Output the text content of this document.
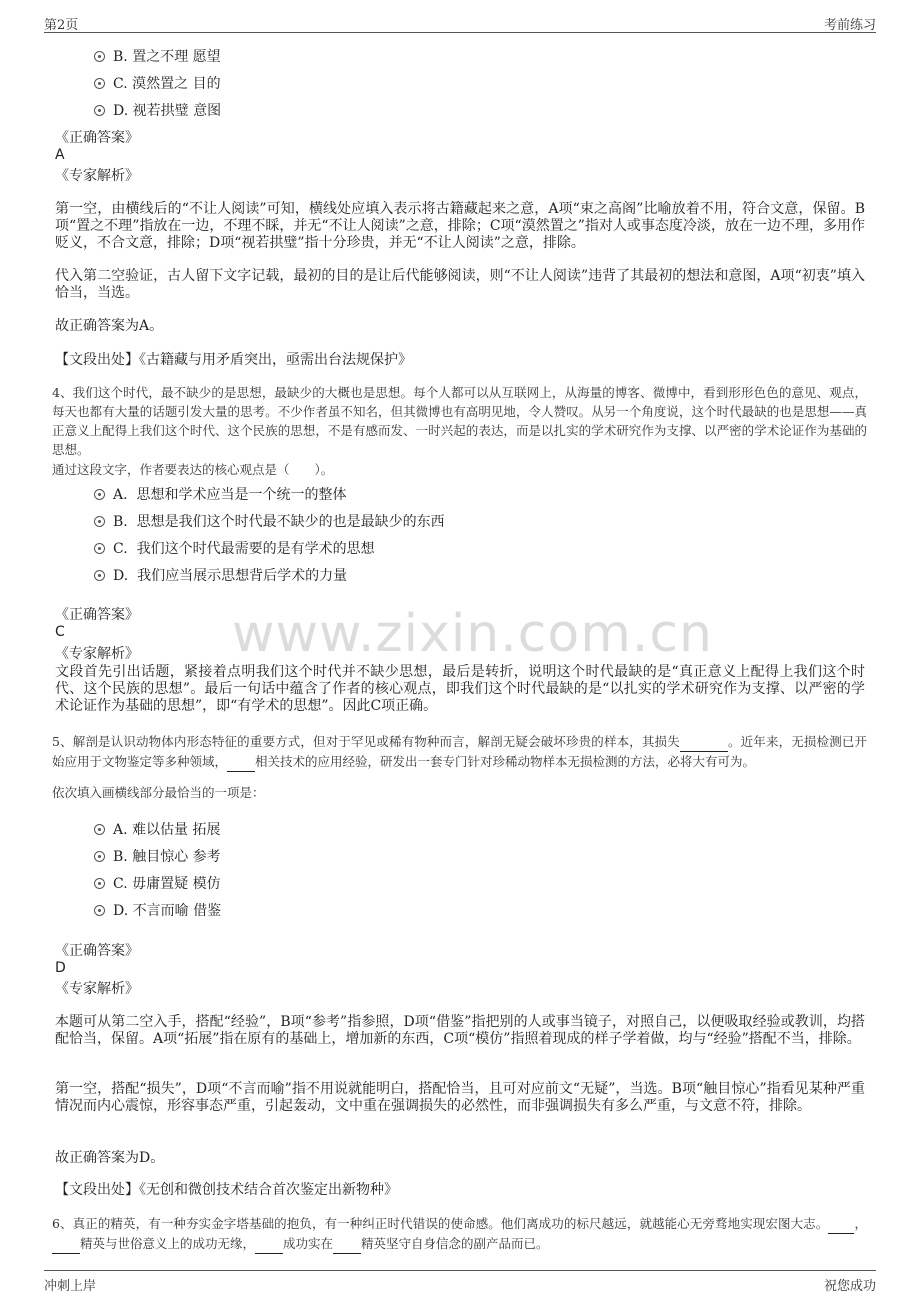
第2页	考前练习
www.zixin.com.cn
B. 置之不理 愿望
C. 漠然置之 目的
D. 视若拱璧 意图
《正确答案》
A
《专家解析》
第一空，由横线后的“不让人阅读”可知，横线处应填入表示将古籍藏起来之意，A项“束之高阁”比喻放着不用，符合文意，保留。B项“置之不理”指放在一边，不理不睬，并无“不让人阅读”之意，排除；C项“漠然置之”指对人或事态度冷淡，放在一边不理，多用作贬义，不合文意，排除；D项“视若拱璧”指十分珍贵，并无“不让人阅读”之意，排除。
代入第二空验证，古人留下文字记载，最初的目的是让后代能够阅读，则“不让人阅读”违背了其最初的想法和意图，A项“初衷”填入恰当，当选。
故正确答案为A。
【文段出处】《古籍藏与用矛盾突出，亟需出台法规保护》
4、我们这个时代，最不缺少的是思想，最缺少的大概也是思想。每个人都可以从互联网上，从海量的博客、微博中，看到形形色色的意见、观点，每天也都有大量的话题引发大量的思考。不少作者虽不知名，但其微博也有高明见地，令人赞叹。从另一个角度说，这个时代最缺的也是思想——真正意义上配得上我们这个时代、这个民族的思想，不是有感而发、一时兴起的表达，而是以扎实的学术研究作为支撑、以严密的学术论证作为基础的思想。
通过这段文字，作者要表达的核心观点是（　　）。
A. 思想和学术应当是一个统一的整体
B. 思想是我们这个时代最不缺少的也是最缺少的东西
C. 我们这个时代最需要的是有学术的思想
D. 我们应当展示思想背后学术的力量
《正确答案》
C
《专家解析》
文段首先引出话题，紧接着点明我们这个时代并不缺少思想，最后是转折，说明这个时代最缺的是“真正意义上配得上我们这个时代、这个民族的思想”。最后一句话中蕴含了作者的核心观点，即我们这个时代最缺的是“以扎实的学术研究作为支撑、以严密的学术论证作为基础的思想”，即“有学术的思想”。因此C项正确。
5、解剖是认识动物体内形态特征的重要方式，但对于罕见或稀有物种而言，解剖无疑会破坏珍贵的样本，其损失	。近年来，无损检测已开始应用于文物鉴定等多种领域， 相关技术的应用经验，研发出一套专门针对珍稀动物样本无损检测的方法，必将大有可为。
依次填入画横线部分最恰当的一项是：
A. 难以估量 拓展
B. 触目惊心 参考
C. 毋庸置疑 模仿
D. 不言而喻 借鉴
《正确答案》
D
《专家解析》
本题可从第二空入手，搭配“经验”，B项“参考”指参照，D项“借鉴”指把别的人或事当镜子，对照自己，以便吸取经验或教训，均搭配恰当，保留。A项“拓展”指在原有的基础上，增加新的东西，C项“模仿”指照着现成的样子学着做，均与“经验”搭配不当，排除。
第一空，搭配“损失”，D项“不言而喻”指不用说就能明白，搭配恰当，且可对应前文“无疑”，当选。B项“触目惊心”指看见某种严重情况而内心震惊，形容事态严重，引起轰动，文中重在强调损失的必然性，而非强调损失有多么严重，与文意不符，排除。
故正确答案为D。
【文段出处】《无创和微创技术结合首次鉴定出新物种》
6、真正的精英，有一种夯实金字塔基础的抱负，有一种纠正时代错误的使命感。他们离成功的标尺越远，就越能心无旁骛地实现宏图大志。 ， 精英与世俗意义上的成功无缘， 成功实在 精英坚守自身信念的副产品而已。
冲刺上岸	祝您成功
